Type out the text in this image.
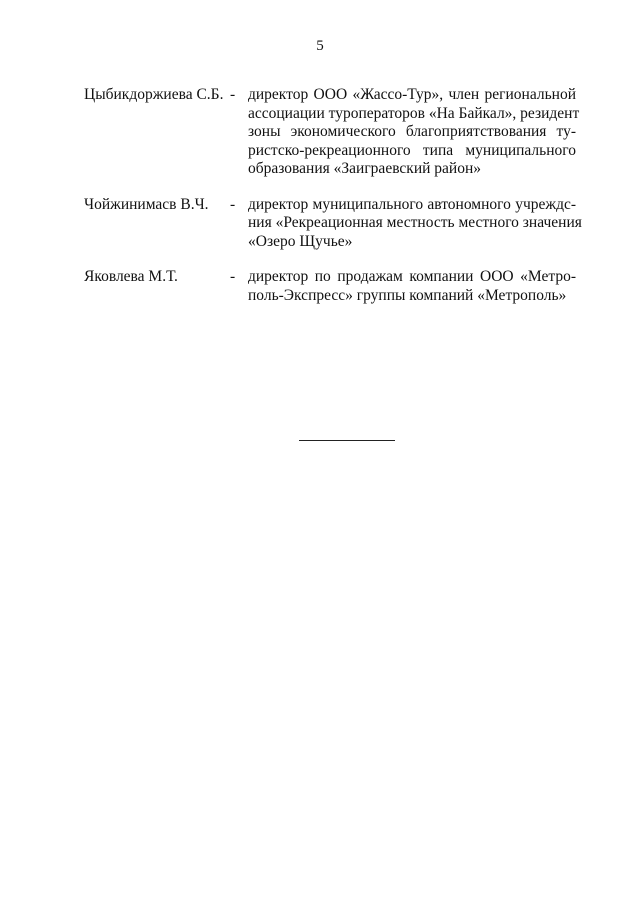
5
Цыбикдоржиева С.Б. - директор ООО «Жассо-Тур», член региональной
ассоциации туроператоров «На Байкал», резидент
зоны экономического благоприятствования ту-
ристско-рекреационного типа муниципального
образования «Заиграевский район»
Чойжинимасв В.Ч.	- директор муниципального автономного учреждс-
ния «Рекреационная местность местного значения
«Озеро Щучье»
Яковлева М.Т.	- директор по продажам компании ООО «Метро-
поль-Экспресс» группы компаний «Метрополь»
